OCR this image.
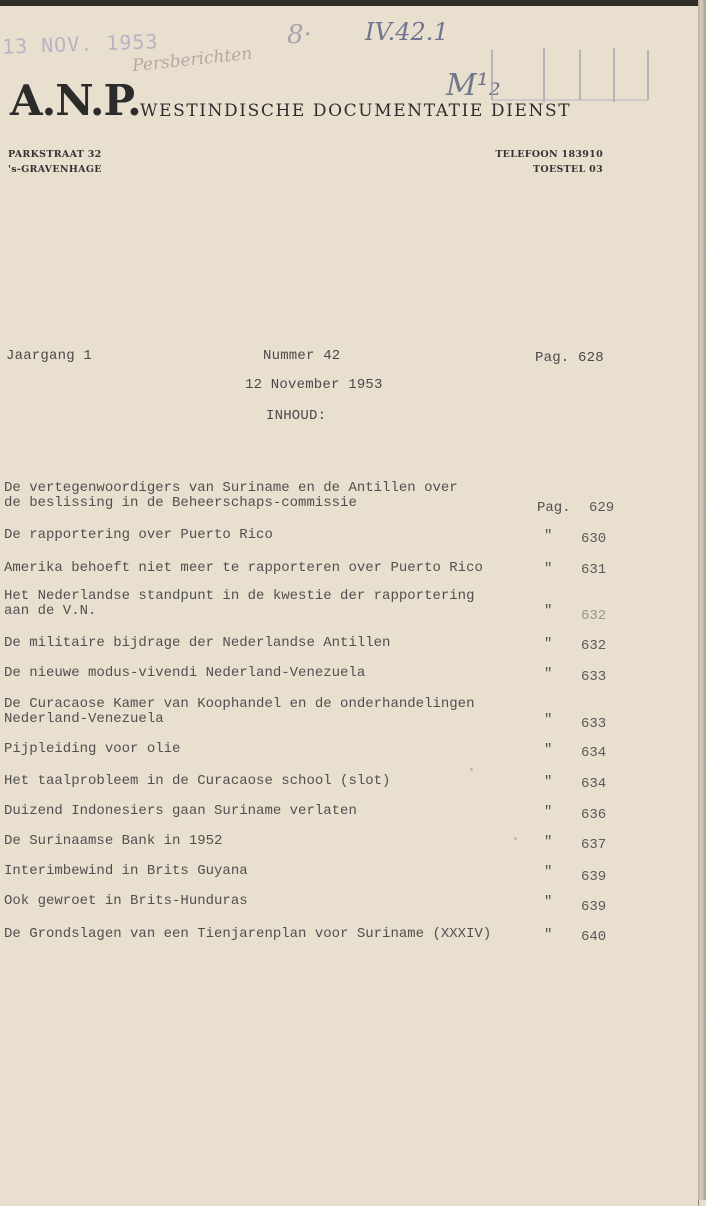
13 NOV. 1953
Persberichten
8· IV.42.1
M¹₂
A.N.P. WESTINDISCHE DOCUMENTATIE DIENST
PARKSTRAAT 32
's-GRAVENHAGE
TELEFOON 183910
TOESTEL 03
Jaargang 1	Nummer 42	Pag. 628
12 November 1953
INHOUD:
De vertegenwoordigers van Suriname en de Antillen over
de beslissing in de Beheerschaps-commissie	Pag. 629
De rapportering over Puerto Rico	" 630
Amerika behoeft niet meer te rapporteren over Puerto Rico	" 631
Het Nederlandse standpunt in de kwestie der rapportering
aan de V.N.	" 632
De militaire bijdrage der Nederlandse Antillen	" 632
De nieuwe modus-vivendi Nederland-Venezuela	" 633
De Curacaose Kamer van Koophandel en de onderhandelingen
Nederland-Venezuela	" 633
Pijpleiding voor olie	" 634
Het taalprobleem in de Curacaose school (slot)	" 634
Duizend Indonesiers gaan Suriname verlaten	" 636
De Surinaamse Bank in 1952	" 637
Interimbewind in Brits Guyana	" 639
Ook gewroet in Brits-Hunduras	" 639
De Grondslagen van een Tienjarenplan voor Suriname (XXXIV)	" 640
